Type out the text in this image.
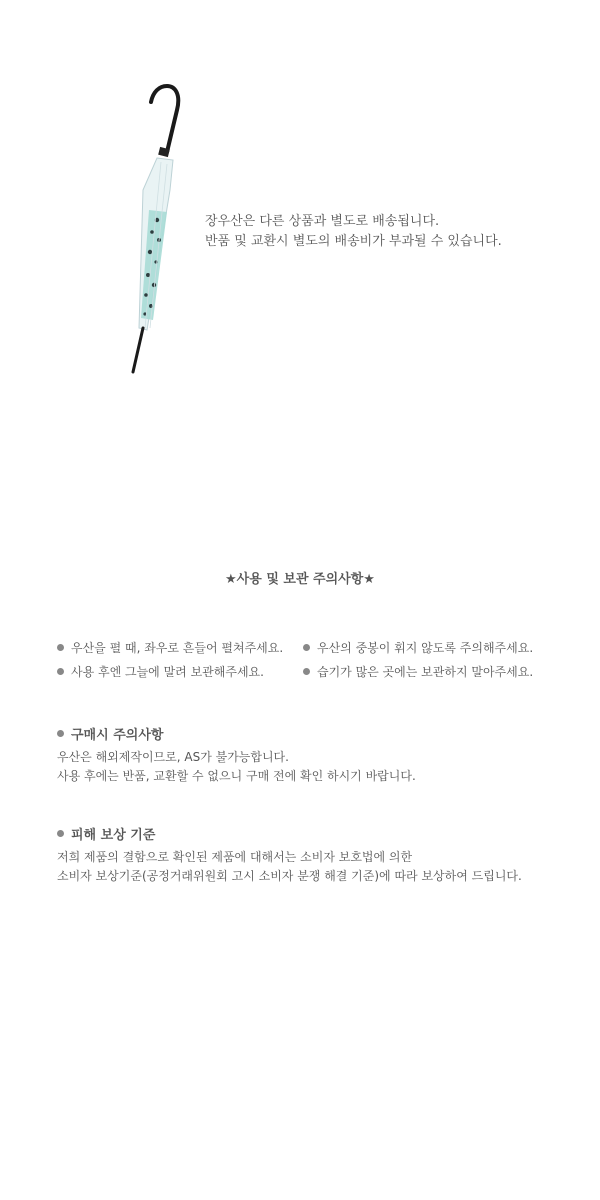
장우산은 다른 상품과 별도로 배송됩니다.
반품 및 교환시 별도의 배송비가 부과될 수 있습니다.
★사용 및 보관 주의사항★
우산을 펼 때, 좌우로 흔들어 펼쳐주세요.	우산의 중봉이 휘지 않도록 주의해주세요.
사용 후엔 그늘에 말려 보관해주세요.	습기가 많은 곳에는 보관하지 말아주세요.
구매시 주의사항
우산은 해외제작이므로, AS가 불가능합니다.
사용 후에는 반품, 교환할 수 없으니 구매 전에 확인 하시기 바랍니다.
피해 보상 기준
저희 제품의 결함으로 확인된 제품에 대해서는 소비자 보호법에 의한
소비자 보상기준(공정거래위원회 고시 소비자 분쟁 해결 기준)에 따라 보상하여 드립니다.
